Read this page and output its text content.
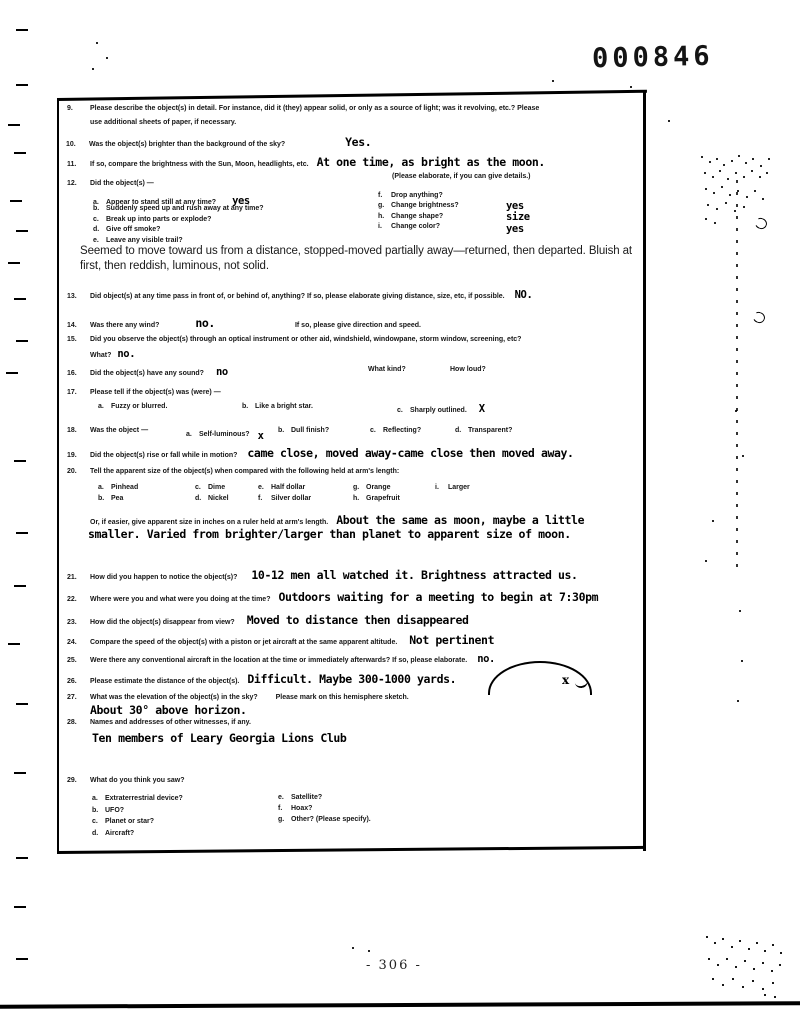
000846
9.	Please describe the object(s) in detail. For instance, did it (they) appear solid, or only as a source of light; was it revolving, etc.? Please
use additional sheets of paper, if necessary.
10.	Was the object(s) brighter than the background of the sky?	Yes.
11.	If so, compare the brightness with the Sun, Moon, headlights, etc. At one time, as bright as the moon.
(Please elaborate, if you can give details.)
12.	Did the object(s) —
a.	Appear to stand still at any time? yes
b. Suddenly speed up and rush away at any time?
c.	Break up into parts or explode?
d. Give off smoke?
e.	Leave any visible trail?
f.	Drop anything?
g. Change brightness?	yes
h. Change shape?	size
i.	Change color?	yes
Seemed to move toward us from a distance, stopped-moved partially away—returned, then departed. Bluish at
first, then reddish, luminous, not solid.
13.	Did object(s) at any time pass in front of, or behind of, anything? If so, please elaborate giving distance, size, etc, if possible. NO.
14.	Was there any wind?	no.	If so, please give direction and speed.
15.	Did you observe the object(s) through an optical instrument or other aid, windshield, windowpane, storm window, screening, etc?
What? no.
16.	Did the object(s) have any sound? no	What kind?	How loud?
17.	Please tell if the object(s) was (were) —
a.	Fuzzy or blurred.	b. Like a bright star.
c.	Sharply outlined. X
18.	Was the object —
a.	Self-luminous? x b. Dull finish?	c.	Reflecting?	d. Transparent?
19.	Did the object(s) rise or fall while in motion? came close, moved away-came close then moved away.
20.	Tell the apparent size of the object(s) when compared with the following held at arm's length:
a.	Pinhead	c.	Dime	e.	Half dollar	g. Orange	i.	Larger
b. Pea	d. Nickel	f.	Silver dollar	h. Grapefruit
Or, if easier, give apparent size in inches on a ruler held at arm's length. About the same as moon, maybe a little
smaller. Varied from brighter/larger than planet to apparent size of moon.
21.	How did you happen to notice the object(s)? 10-12 men all watched it. Brightness attracted us.
22.	Where were you and what were you doing at the time? Outdoors waiting for a meeting to begin at 7:30pm
23.	How did the object(s) disappear from view? Moved to distance then disappeared
24.	Compare the speed of the object(s) with a piston or jet aircraft at the same apparent altitude. Not pertinent
25.	Were there any conventional aircraft in the location at the time or immediately afterwards? If so, please elaborate. no.
26.	Please estimate the distance of the object(s). Difficult. Maybe 300-1000 yards.	x
27.	What was the elevation of the object(s) in the sky?	Please mark on this hemisphere sketch.
About 30° above horizon.
28.	Names and addresses of other witnesses, if any.
Ten members of Leary Georgia Lions Club
29.	What do you think you saw?
a.	Extraterrestrial device?
b. UFO?
c.	Planet or star?
d. Aircraft?
e.	Satellite?
f.	Hoax?
g. Other? (Please specify).
- 306 -
